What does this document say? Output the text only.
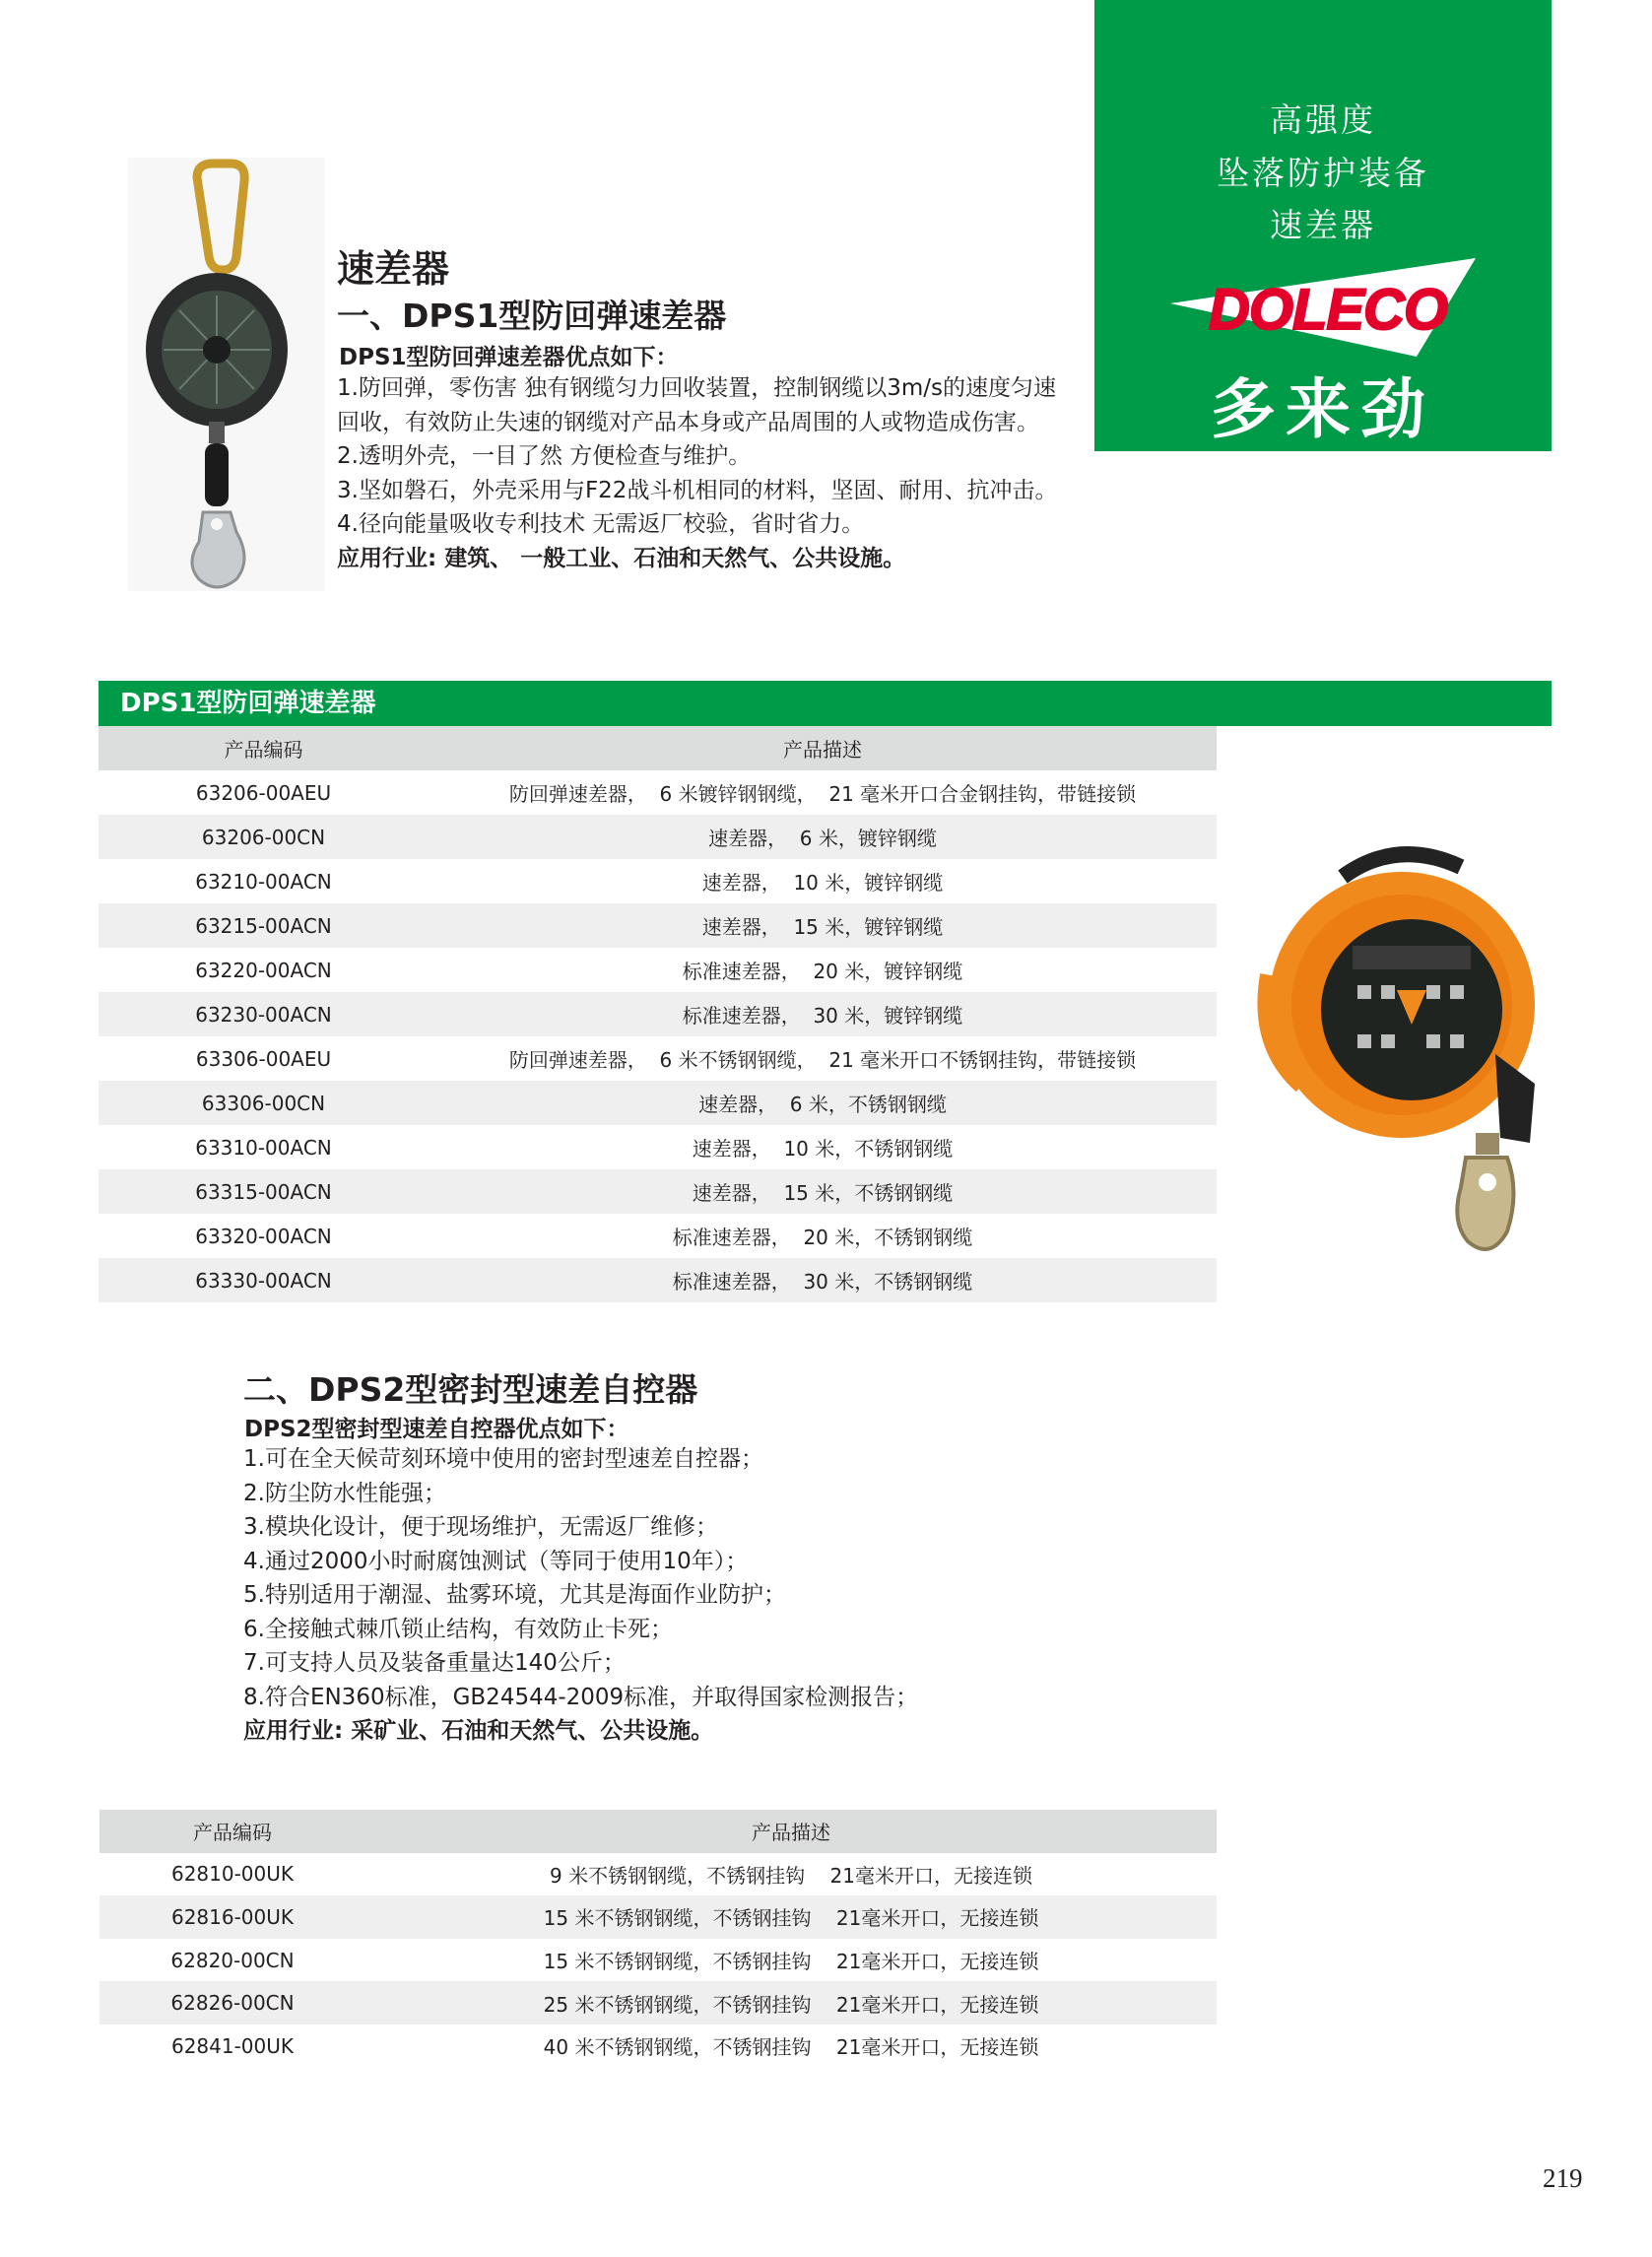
高强度
坠落防护装备
速差器
DOLECO
多来劲
速差器
一、DPS1型防回弹速差器
DPS1型防回弹速差器优点如下：

1.防回弹，零伤害 独有钢缆匀力回收装置，控制钢缆以3m/s的速度匀速

回收，有效防止失速的钢缆对产品本身或产品周围的人或物造成伤害。

2.透明外壳，一目了然 方便检查与维护。

3.坚如磐石，外壳采用与F22战斗机相同的材料，坚固、耐用、抗冲击。

4.径向能量吸收专利技术 无需返厂校验，省时省力。

应用行业: 建筑、 一般工业、石油和天然气、公共设施。

DPS1型防回弹速差器
产品编码	产品描述
63206-00AEU	防回弹速差器，  6 米镀锌钢钢缆，  21 毫米开口合金钢挂钩，带链接锁
63206-00CN	速差器，  6 米，镀锌钢缆
63210-00ACN	速差器，  10 米，镀锌钢缆
63215-00ACN	速差器，  15 米，镀锌钢缆
63220-00ACN	标准速差器，  20 米，镀锌钢缆
63230-00ACN	标准速差器，  30 米，镀锌钢缆
63306-00AEU	防回弹速差器，  6 米不锈钢钢缆，  21 毫米开口不锈钢挂钩，带链接锁
63306-00CN	速差器，  6 米，不锈钢钢缆
63310-00ACN	速差器，  10 米，不锈钢钢缆
63315-00ACN	速差器，  15 米，不锈钢钢缆
63320-00ACN	标准速差器，  20 米，不锈钢钢缆
63330-00ACN	标准速差器，  30 米，不锈钢钢缆
二、DPS2型密封型速差自控器
DPS2型密封型速差自控器优点如下：

1.可在全天候苛刻环境中使用的密封型速差自控器；

2.防尘防水性能强；

3.模块化设计，便于现场维护，无需返厂维修；

4.通过2000小时耐腐蚀测试（等同于使用10年）；

5.特别适用于潮湿、盐雾环境，尤其是海面作业防护；

6.全接触式棘爪锁止结构，有效防止卡死；

7.可支持人员及装备重量达140公斤；

8.符合EN360标准，GB24544-2009标准，并取得国家检测报告；

应用行业: 采矿业、石油和天然气、公共设施。

产品编码	产品描述
62810-00UK	9 米不锈钢钢缆，不锈钢挂钩    21毫米开口，无接连锁
62816-00UK	15 米不锈钢钢缆，不锈钢挂钩    21毫米开口，无接连锁
62820-00CN	15 米不锈钢钢缆，不锈钢挂钩    21毫米开口，无接连锁
62826-00CN	25 米不锈钢钢缆，不锈钢挂钩    21毫米开口，无接连锁
62841-00UK	40 米不锈钢钢缆，不锈钢挂钩    21毫米开口，无接连锁
219
